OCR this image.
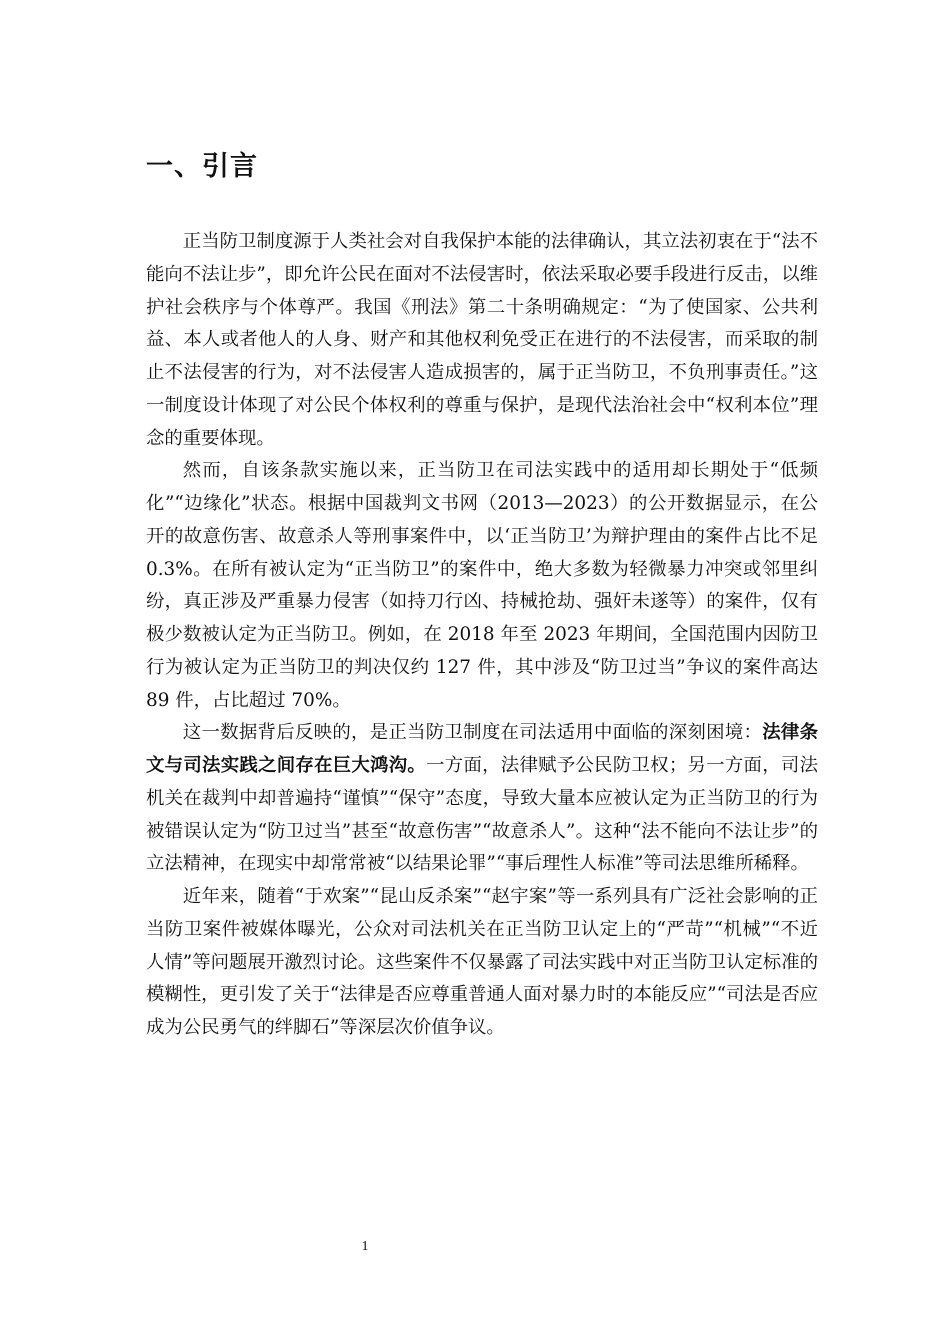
一、引言

正当防卫制度源于人类社会对自我保护本能的法律确认，其立法初衷在于“法不能向不法让步”，即允许公民在面对不法侵害时，依法采取必要手段进行反击，以维护社会秩序与个体尊严。我国《刑法》第二十条明确规定：“为了使国家、公共利益、本人或者他人的人身、财产和其他权利免受正在进行的不法侵害，而采取的制止不法侵害的行为，对不法侵害人造成损害的，属于正当防卫，不负刑事责任。”这一制度设计体现了对公民个体权利的尊重与保护，是现代法治社会中“权利本位”理念的重要体现。

然而，自该条款实施以来，正当防卫在司法实践中的适用却长期处于“低频化”“边缘化”状态。根据中国裁判文书网（2013—2023）的公开数据显示，在公开的故意伤害、故意杀人等刑事案件中，以‘正当防卫’为辩护理由的案件占比不足 0.3%。在所有被认定为“正当防卫”的案件中，绝大多数为轻微暴力冲突或邻里纠纷，真正涉及严重暴力侵害（如持刀行凶、持械抢劫、强奸未遂等）的案件，仅有极少数被认定为正当防卫。例如，在 2018 年至 2023 年期间，全国范围内因防卫行为被认定为正当防卫的判决仅约 127 件，其中涉及“防卫过当”争议的案件高达 89 件，占比超过 70%。

这一数据背后反映的，是正当防卫制度在司法适用中面临的深刻困境：法律条文与司法实践之间存在巨大鸿沟。一方面，法律赋予公民防卫权；另一方面，司法机关在裁判中却普遍持“谨慎”“保守”态度，导致大量本应被认定为正当防卫的行为被错误认定为“防卫过当”甚至“故意伤害”“故意杀人”。这种“法不能向不法让步”的立法精神，在现实中却常常被“以结果论罪”“事后理性人标准”等司法思维所稀释。

近年来，随着“于欢案”“昆山反杀案”“赵宇案”等一系列具有广泛社会影响的正当防卫案件被媒体曝光，公众对司法机关在正当防卫认定上的“严苛”“机械”“不近人情”等问题展开激烈讨论。这些案件不仅暴露了司法实践中对正当防卫认定标准的模糊性，更引发了关于“法律是否应尊重普通人面对暴力时的本能反应”“司法是否应成为公民勇气的绊脚石”等深层次价值争议。

1
